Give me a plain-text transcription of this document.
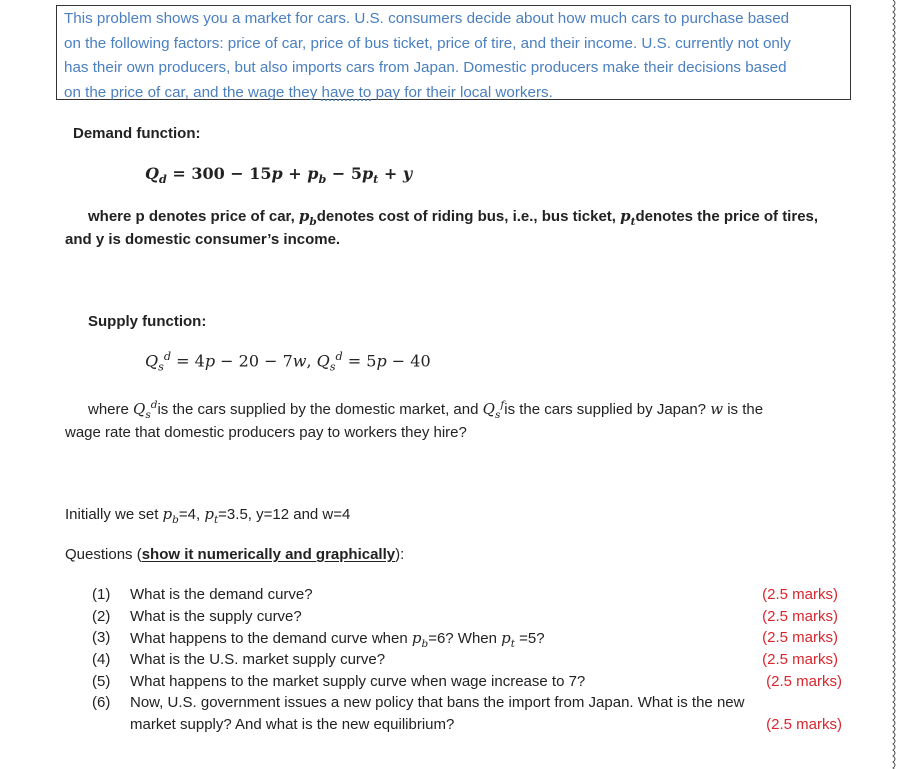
This problem shows you a market for cars. U.S. consumers decide about how much cars to purchase based
on the following factors: price of car, price of bus ticket, price of tire, and their income. U.S. currently not only
has their own producers, but also imports cars from Japan. Domestic producers make their decisions based
on the price of car, and the wage they have to pay for their local workers.
Demand function:
$Q_d = 300 - 15p + p_b - 5p_t + y$
where p denotes price of car, $p_bdenotes$ cost of riding bus, i.e., bus ticket, $p_tdenotes$ the price of tires,
and y is domestic consumer’s income.
Supply function:
$Q_s^d = 4p - 20 - 7w$, $Q_s^d = 5p - 40$
where $Q_s^dis$ the cars supplied by the domestic market, and $Q_s^fis$ the cars supplied by Japan? w is the
wage rate that domestic producers pay to workers they hire?
Initially we set $p_b=4$, $p_t=3.5$, y=12 and w=4
Questions (show it numerically and graphically):
(1) What is the demand curve?	(2.5 marks)
(2) What is the supply curve?	(2.5 marks)
(3) What happens to the demand curve when $p_b=6$? When $p_t =5$?	(2.5 marks)
(4) What is the U.S. market supply curve?	(2.5 marks)
(5) What happens to the market supply curve when wage increase to 7?	(2.5 marks)
(6) Now, U.S. government issues a new policy that bans the import from Japan. What is the new
market supply? And what is the new equilibrium?	(2.5 marks)
